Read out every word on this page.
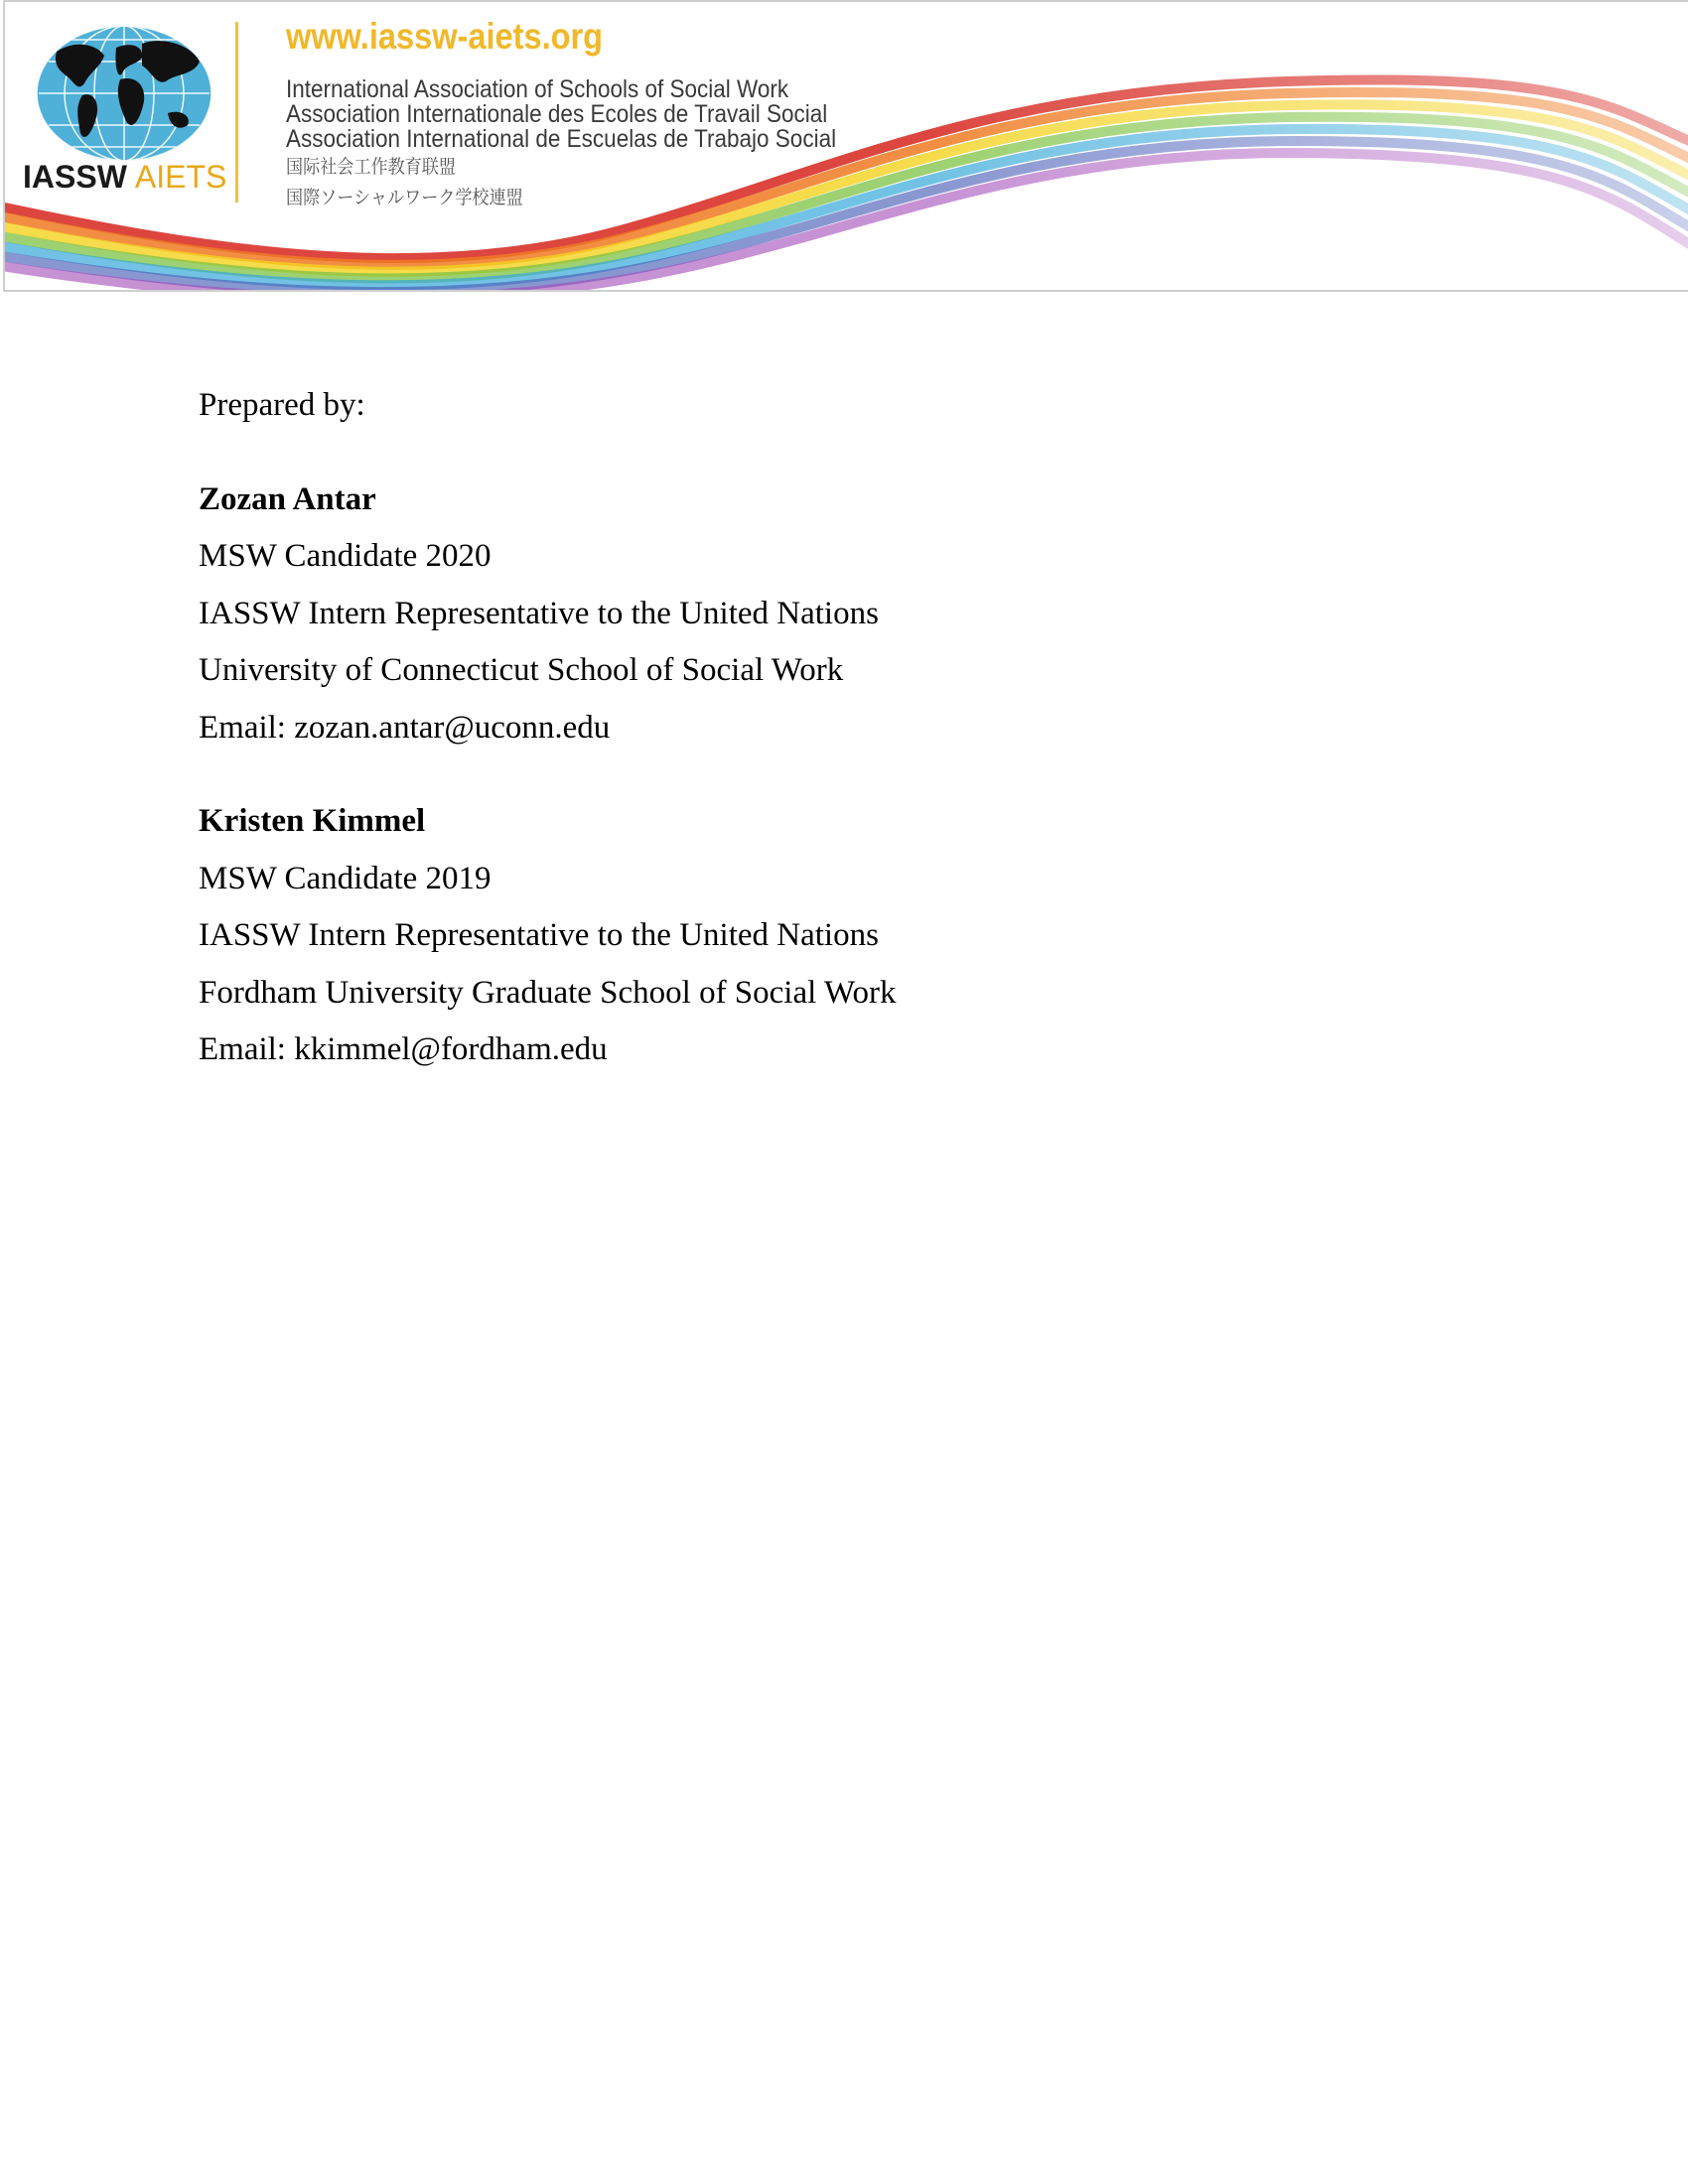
IASSW AIETS
www.iassw-aiets.org
International Association of Schools of Social Work
Association Internationale des Ecoles de Travail Social
Association International de Escuelas de Trabajo Social
国际社会工作教育联盟
国際ソーシャルワーク学校連盟
Prepared by:
Zozan Antar
MSW Candidate 2020
IASSW Intern Representative to the United Nations
University of Connecticut School of Social Work
Email: zozan.antar@uconn.edu
Kristen Kimmel
MSW Candidate 2019
IASSW Intern Representative to the United Nations
Fordham University Graduate School of Social Work
Email: kkimmel@fordham.edu
